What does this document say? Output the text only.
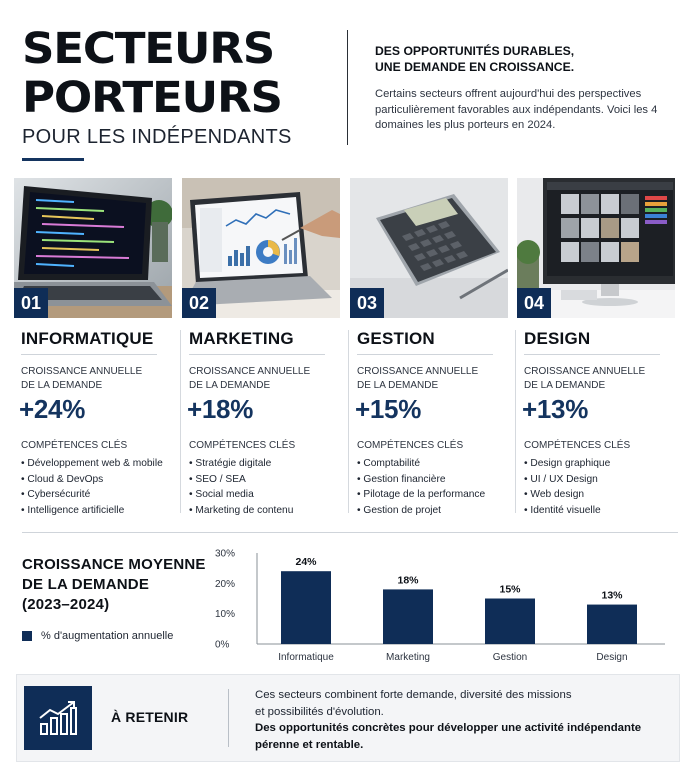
SECTEURS
PORTEURS
POUR LES INDÉPENDANTS
DES OPPORTUNITÉS DURABLES,
UNE DEMANDE EN CROISSANCE.
Certains secteurs offrent aujourd'hui des perspectives particulièrement favorables aux indépendants. Voici les 4 domaines les plus porteurs en 2024.
01
INFORMATIQUE
CROISSANCE ANNUELLE
DE LA DEMANDE
+24%
COMPÉTENCES CLÉS
• Développement web & mobile
• Cloud & DevOps
• Cybersécurité
• Intelligence artificielle
02
MARKETING
CROISSANCE ANNUELLE
DE LA DEMANDE
+18%
COMPÉTENCES CLÉS
• Stratégie digitale
• SEO / SEA
• Social media
• Marketing de contenu
03
GESTION
CROISSANCE ANNUELLE
DE LA DEMANDE
+15%
COMPÉTENCES CLÉS
• Comptabilité
• Gestion financière
• Pilotage de la performance
• Gestion de projet
04
DESIGN
CROISSANCE ANNUELLE
DE LA DEMANDE
+13%
COMPÉTENCES CLÉS
• Design graphique
• UI / UX Design
• Web design
• Identité visuelle
CROISSANCE MOYENNE
DE LA DEMANDE
(2023–2024)
% d'augmentation annuelle
0%
10%
20%
30%
24%
Informatique
18%
Marketing
15%
Gestion
13%
Design
À RETENIR
Ces secteurs combinent forte demande, diversité des missions
et possibilités d'évolution.
Des opportunités concrètes pour développer une activité indépendante
pérenne et rentable.
